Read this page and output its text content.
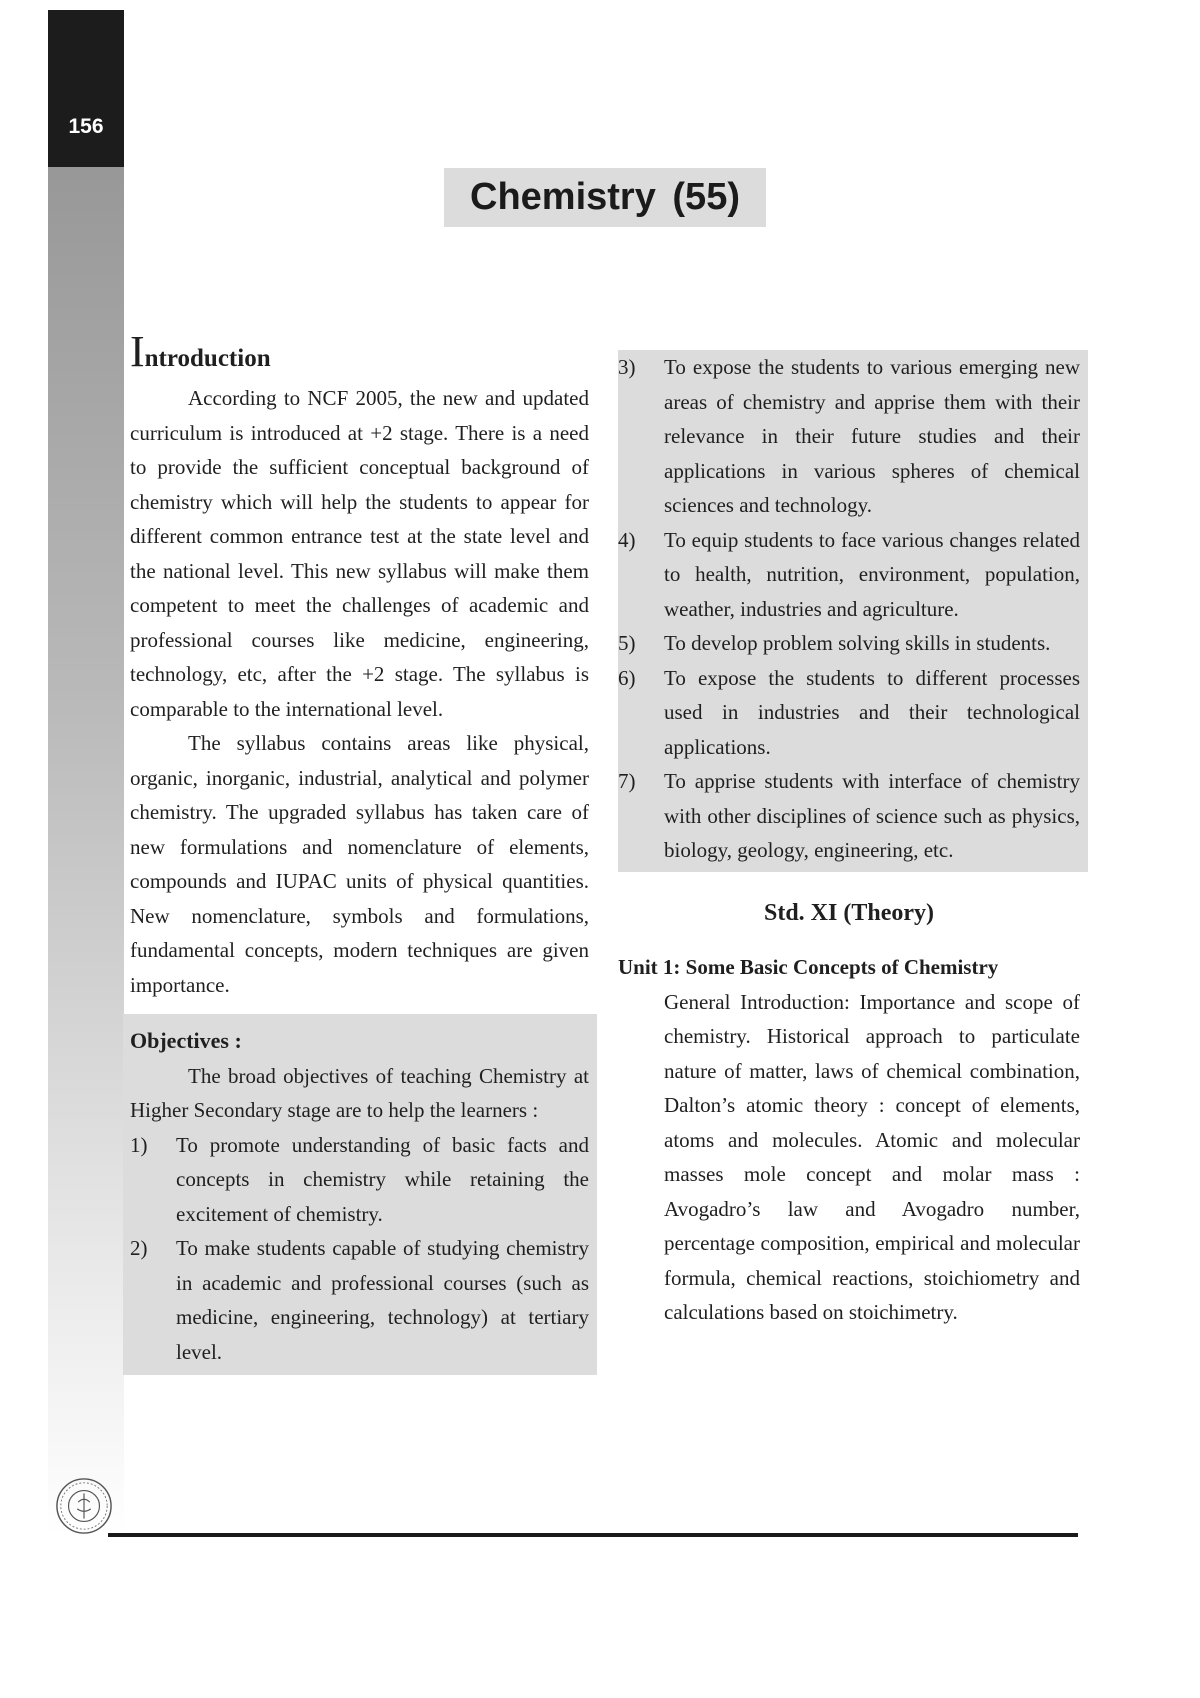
156
Chemistry (55)
Introduction

According to NCF 2005, the new and updated curriculum is introduced at +2 stage. There is a need to provide the sufficient conceptual background of chemistry which will help the students to appear for different common entrance test at the state level and the national level. This new syllabus will make them competent to meet the challenges of academic and professional courses like medicine, engineering, technology, etc, after the +2 stage. The syllabus is comparable to the international level.

The syllabus contains areas like physical, organic, inorganic, industrial, analytical and polymer chemistry. The upgraded syllabus has taken care of new formulations and nomenclature of elements, compounds and IUPAC units of physical quantities. New nomenclature, symbols and formulations, fundamental concepts, modern techniques are given importance.

Objectives :

The broad objectives of teaching Chemistry at Higher Secondary stage are to help the learners :

1) To promote understanding of basic facts and concepts in chemistry while retaining the excitement of chemistry.
2) To make students capable of studying chemistry in academic and professional courses (such as medicine, engineering, technology) at tertiary level.
3) To expose the students to various emerging new areas of chemistry and apprise them with their relevance in their future studies and their applications in various spheres of chemical sciences and technology.
4) To equip students to face various changes related to health, nutrition, environment, population, weather, industries and agriculture.
5) To develop problem solving skills in students.
6) To expose the students to different processes used in industries and their technological applications.
7) To apprise students with interface of chemistry with other disciplines of science such as physics, biology, geology, engineering, etc.
Std. XI (Theory)
Unit 1: Some Basic Concepts of Chemistry

General Introduction: Importance and scope of chemistry. Historical approach to particulate nature of matter, laws of chemical combination, Dalton’s atomic theory : concept of elements, atoms and molecules. Atomic and molecular masses mole concept and molar mass : Avogadro’s law and Avogadro number, percentage composition, empirical and molecular formula, chemical reactions, stoichiometry and calculations based on stoichimetry.
